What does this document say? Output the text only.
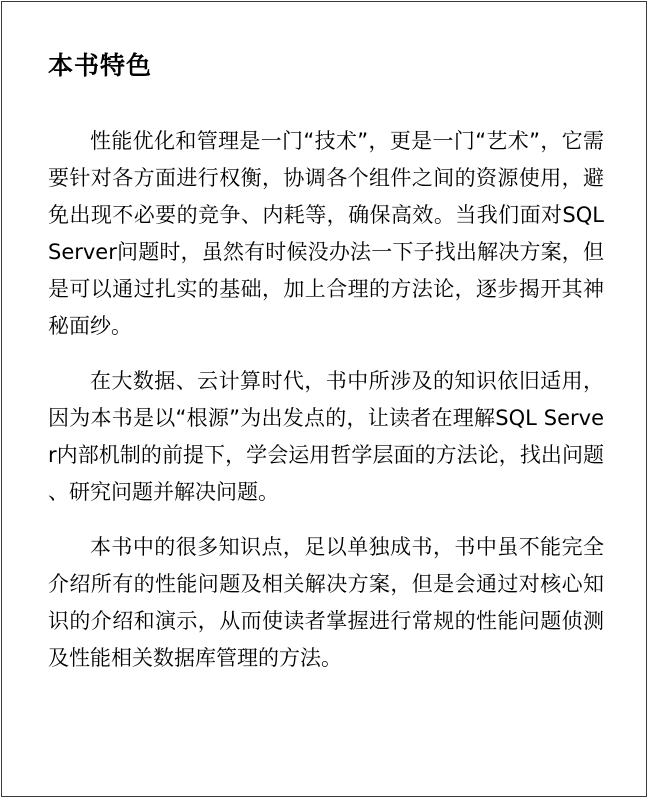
本书特色

性能优化和管理是一门“技术”，更是一门“艺术”，它需要针对各方面进行权衡，协调各个组件之间的资源使用，避免出现不必要的竞争、内耗等，确保高效。当我们面对SQL Server问题时，虽然有时候没办法一下子找出解决方案，但是可以通过扎实的基础，加上合理的方法论，逐步揭开其神秘面纱。

在大数据、云计算时代，书中所涉及的知识依旧适用，因为本书是以“根源”为出发点的，让读者在理解SQL Server内部机制的前提下，学会运用哲学层面的方法论，找出问题、研究问题并解决问题。

本书中的很多知识点，足以单独成书，书中虽不能完全介绍所有的性能问题及相关解决方案，但是会通过对核心知识的介绍和演示，从而使读者掌握进行常规的性能问题侦测及性能相关数据库管理的方法。
